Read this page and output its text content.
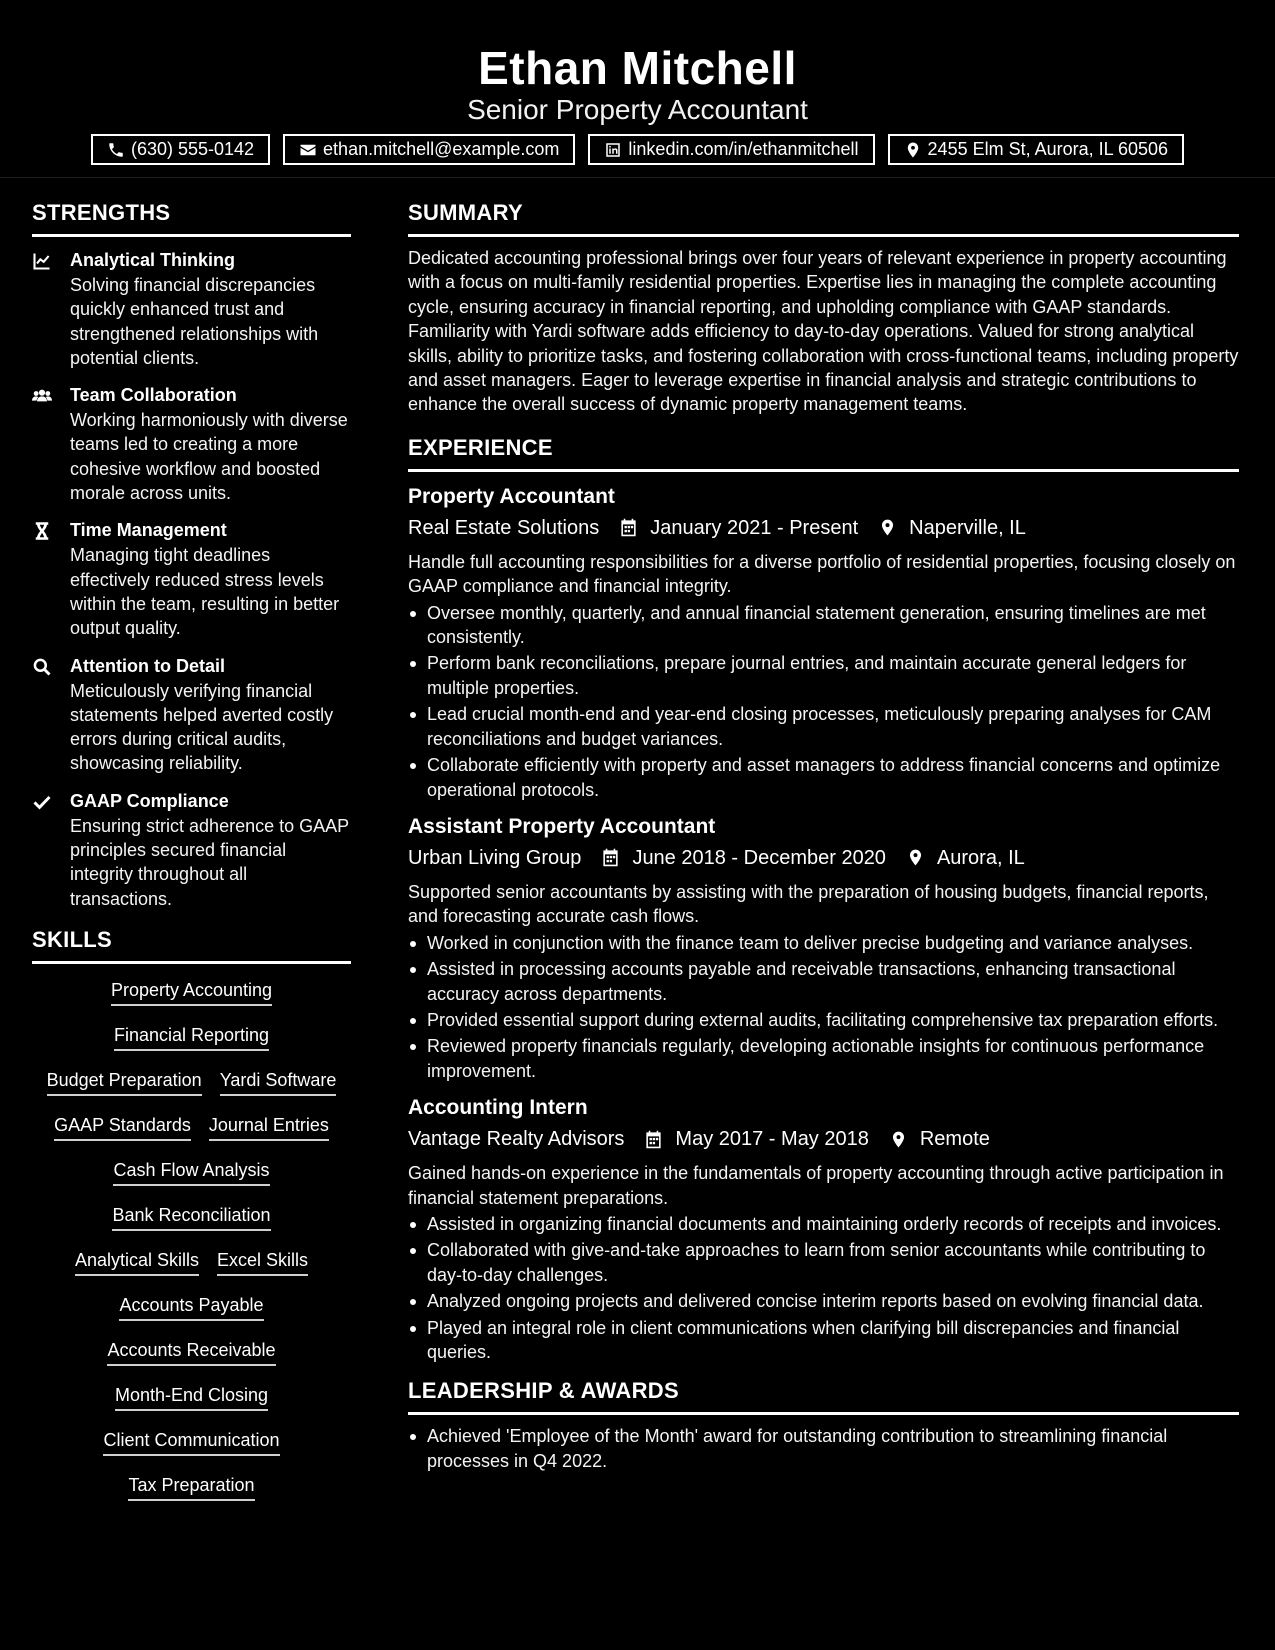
Ethan Mitchell
Senior Property Accountant
(630) 555-0142	ethan.mitchell@example.com	linkedin.com/in/ethanmitchell	2455 Elm St, Aurora, IL 60506
STRENGTHS
Analytical Thinking
Solving financial discrepancies quickly enhanced trust and strengthened relationships with potential clients.
Team Collaboration
Working harmoniously with diverse teams led to creating a more cohesive workflow and boosted morale across units.
Time Management
Managing tight deadlines effectively reduced stress levels within the team, resulting in better output quality.
Attention to Detail
Meticulously verifying financial statements helped averted costly errors during critical audits, showcasing reliability.
GAAP Compliance
Ensuring strict adherence to GAAP principles secured financial integrity throughout all transactions.
SKILLS
Property Accounting
Financial Reporting
Budget Preparation Yardi Software
GAAP Standards Journal Entries
Cash Flow Analysis
Bank Reconciliation
Analytical Skills Excel Skills
Accounts Payable
Accounts Receivable
Month-End Closing
Client Communication
Tax Preparation
SUMMARY
Dedicated accounting professional brings over four years of relevant experience in property accounting with a focus on multi-family residential properties. Expertise lies in managing the complete accounting cycle, ensuring accuracy in financial reporting, and upholding compliance with GAAP standards. Familiarity with Yardi software adds efficiency to day-to-day operations. Valued for strong analytical skills, ability to prioritize tasks, and fostering collaboration with cross-functional teams, including property and asset managers. Eager to leverage expertise in financial analysis and strategic contributions to enhance the overall success of dynamic property management teams.
EXPERIENCE
Property Accountant
Real Estate Solutions	January 2021 - Present	Naperville, IL
Handle full accounting responsibilities for a diverse portfolio of residential properties, focusing closely on GAAP compliance and financial integrity.
Oversee monthly, quarterly, and annual financial statement generation, ensuring timelines are met consistently.
Perform bank reconciliations, prepare journal entries, and maintain accurate general ledgers for multiple properties.
Lead crucial month-end and year-end closing processes, meticulously preparing analyses for CAM reconciliations and budget variances.
Collaborate efficiently with property and asset managers to address financial concerns and optimize operational protocols.
Assistant Property Accountant
Urban Living Group	June 2018 - December 2020	Aurora, IL
Supported senior accountants by assisting with the preparation of housing budgets, financial reports, and forecasting accurate cash flows.
Worked in conjunction with the finance team to deliver precise budgeting and variance analyses.
Assisted in processing accounts payable and receivable transactions, enhancing transactional accuracy across departments.
Provided essential support during external audits, facilitating comprehensive tax preparation efforts.
Reviewed property financials regularly, developing actionable insights for continuous performance improvement.
Accounting Intern
Vantage Realty Advisors	May 2017 - May 2018	Remote
Gained hands-on experience in the fundamentals of property accounting through active participation in financial statement preparations.
Assisted in organizing financial documents and maintaining orderly records of receipts and invoices.
Collaborated with give-and-take approaches to learn from senior accountants while contributing to day-to-day challenges.
Analyzed ongoing projects and delivered concise interim reports based on evolving financial data.
Played an integral role in client communications when clarifying bill discrepancies and financial queries.
LEADERSHIP & AWARDS
Achieved 'Employee of the Month' award for outstanding contribution to streamlining financial processes in Q4 2022.
